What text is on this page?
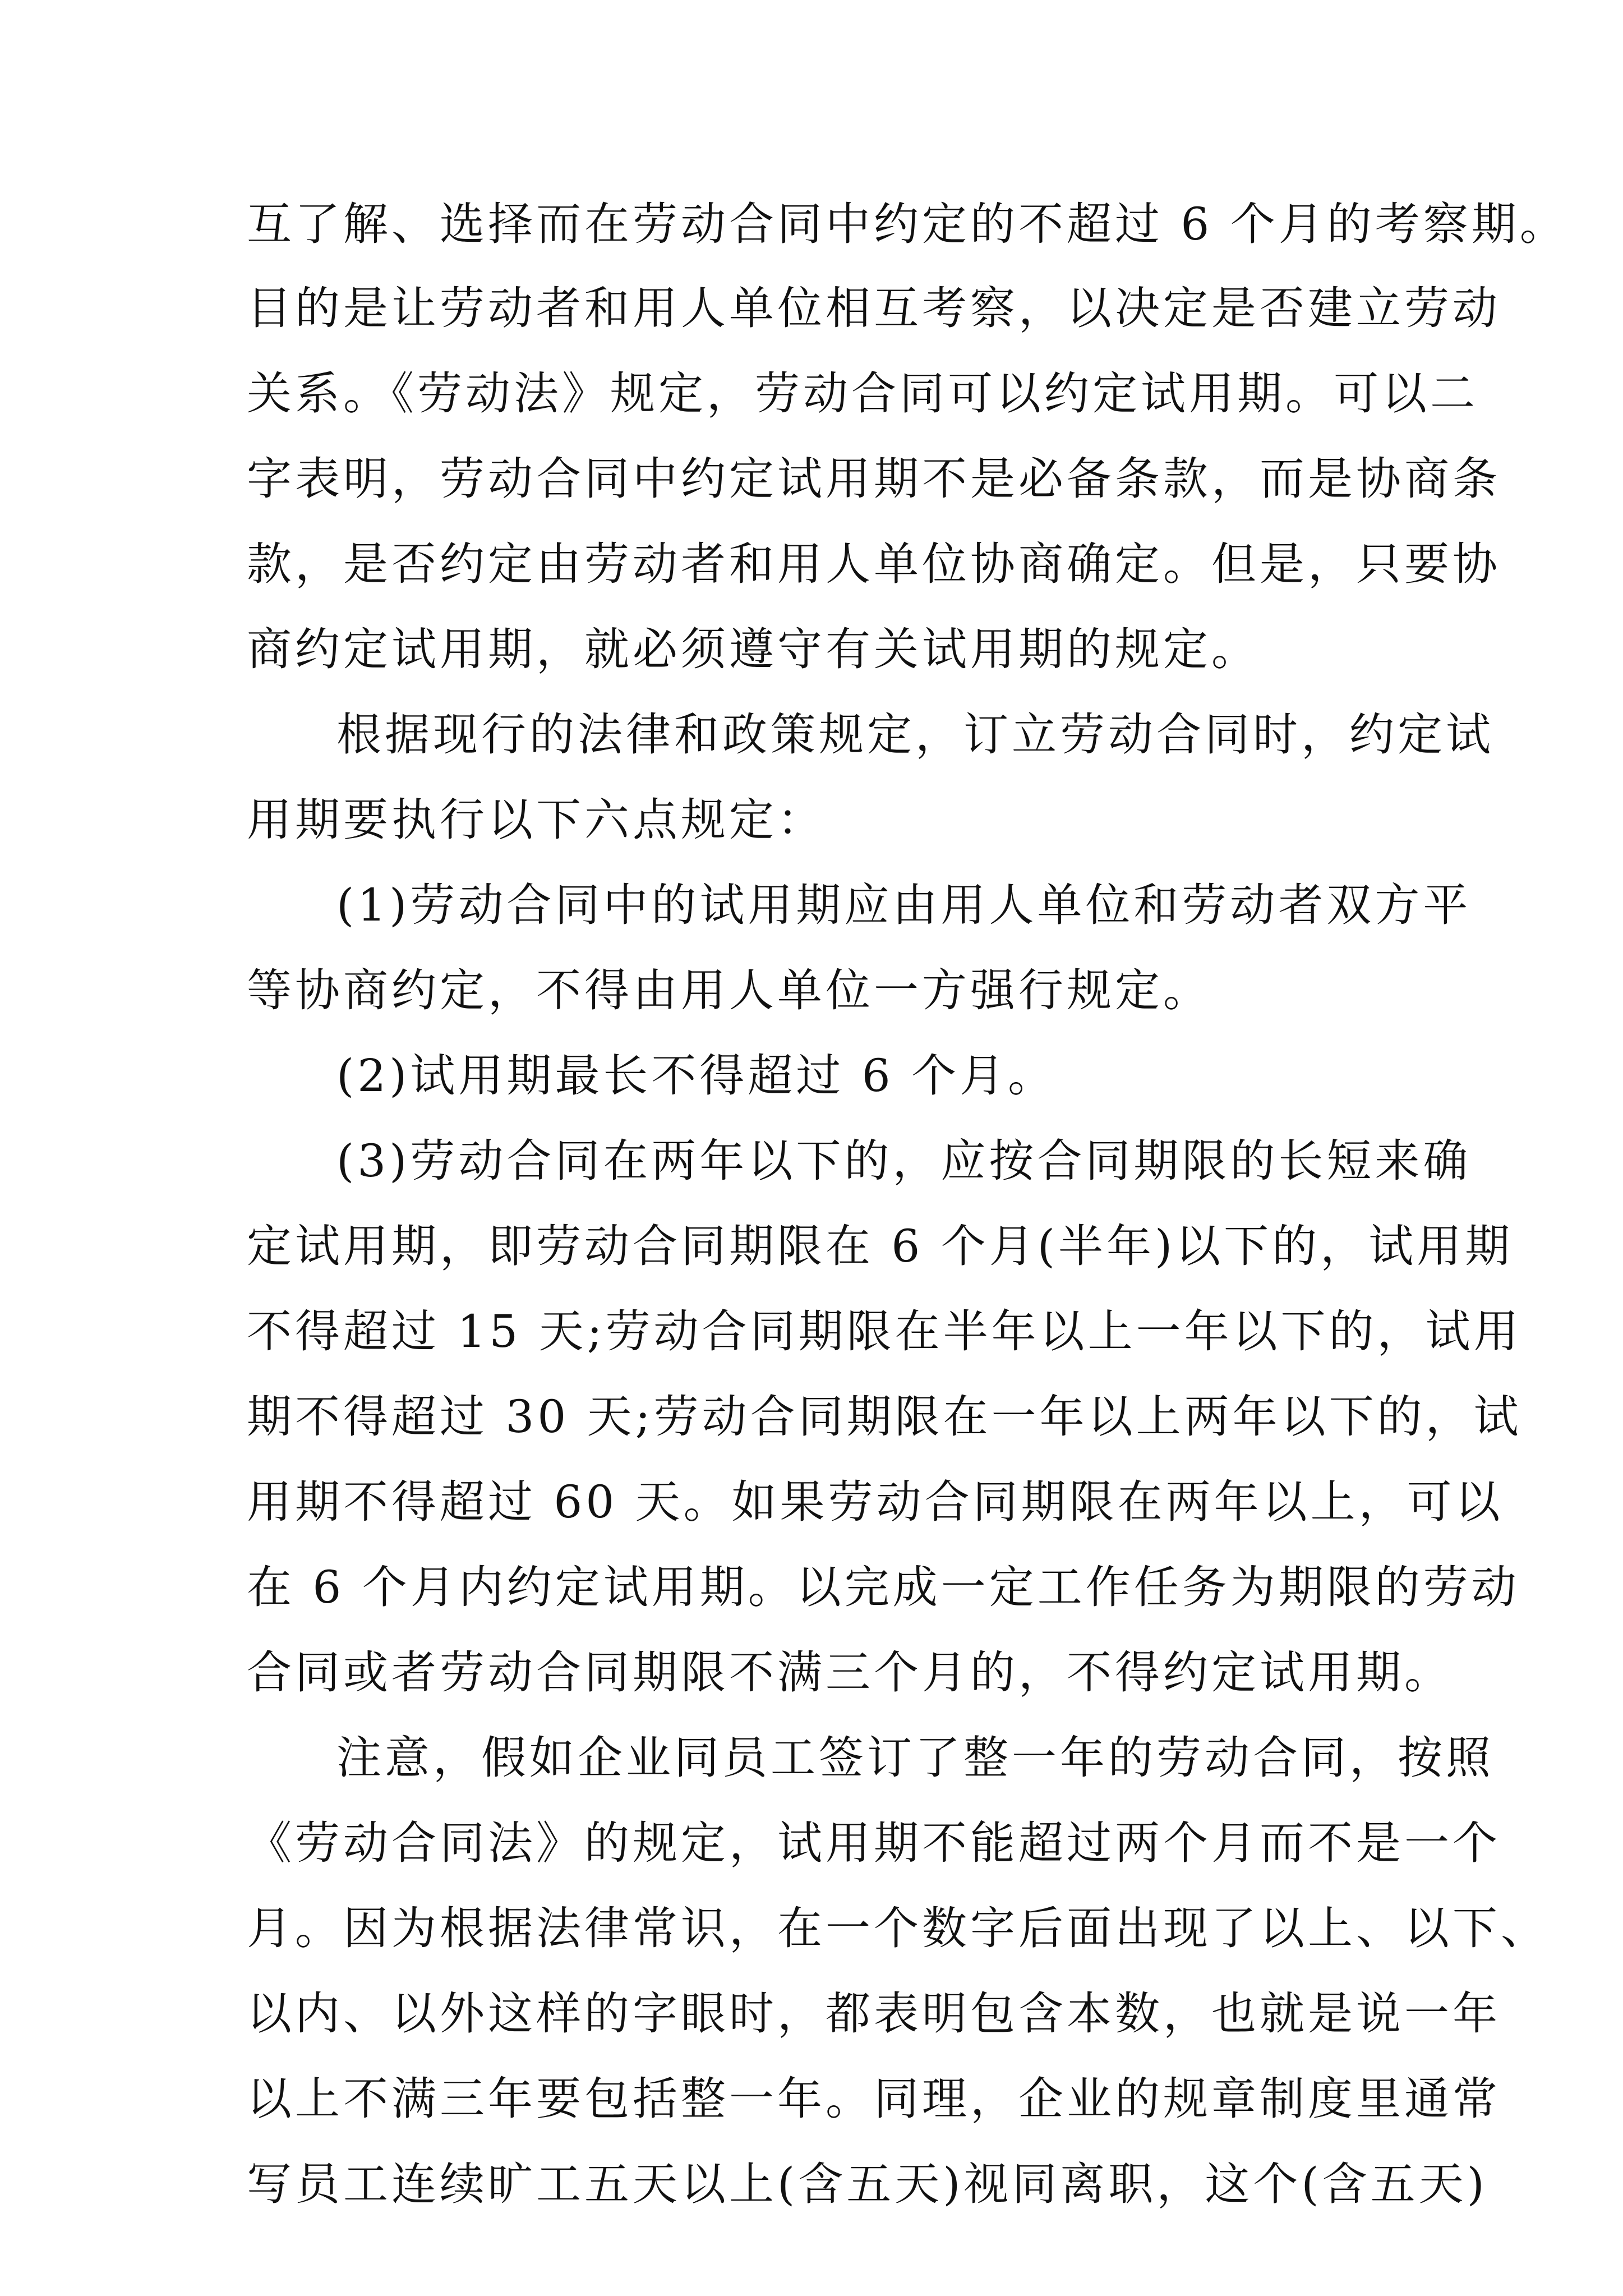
互了解、选择而在劳动合同中约定的不超过 6 个月的考察期。
目的是让劳动者和用人单位相互考察，以决定是否建立劳动
关系。《劳动法》规定，劳动合同可以约定试用期。可以二
字表明，劳动合同中约定试用期不是必备条款，而是协商条
款，是否约定由劳动者和用人单位协商确定。但是，只要协
商约定试用期，就必须遵守有关试用期的规定。
根据现行的法律和政策规定，订立劳动合同时，约定试
用期要执行以下六点规定：
(1)劳动合同中的试用期应由用人单位和劳动者双方平
等协商约定，不得由用人单位一方强行规定。
(2)试用期最长不得超过 6 个月。
(3)劳动合同在两年以下的，应按合同期限的长短来确
定试用期，即劳动合同期限在 6 个月(半年)以下的，试用期
不得超过 15 天;劳动合同期限在半年以上一年以下的，试用
期不得超过 30 天;劳动合同期限在一年以上两年以下的，试
用期不得超过 60 天。如果劳动合同期限在两年以上，可以
在 6 个月内约定试用期。以完成一定工作任务为期限的劳动
合同或者劳动合同期限不满三个月的，不得约定试用期。
注意，假如企业同员工签订了整一年的劳动合同，按照
《劳动合同法》的规定，试用期不能超过两个月而不是一个
月。因为根据法律常识，在一个数字后面出现了以上、以下、
以内、以外这样的字眼时，都表明包含本数，也就是说一年
以上不满三年要包括整一年。同理，企业的规章制度里通常
写员工连续旷工五天以上(含五天)视同离职，这个(含五天)
